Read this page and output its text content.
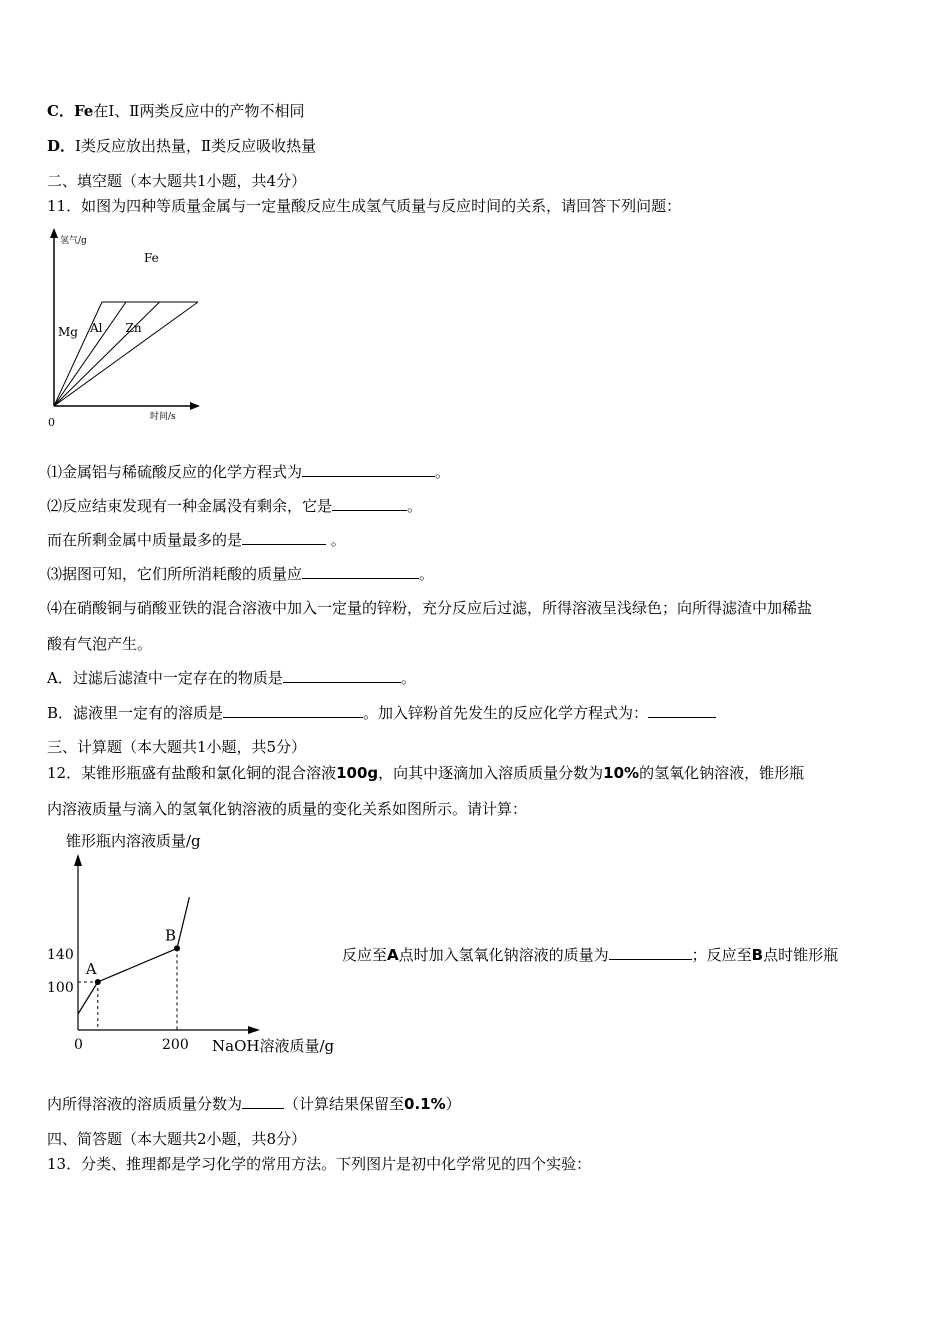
C．Fe在Ⅰ、Ⅱ两类反应中的产物不相同
D．Ⅰ类反应放出热量，Ⅱ类反应吸收热量
二、填空题（本大题共1小题，共4分）
11．如图为四种等质量金属与一定量酸反应生成氢气质量与反应时间的关系，请回答下列问题：
氢气/g
时间/s
0
Mg Al Zn
Fe
⑴金属铝与稀硫酸反应的化学方程式为	。
⑵反应结束发现有一种金属没有剩余，它是	。
而在所剩金属中质量最多的是	。
⑶据图可知，它们所所消耗酸的质量应	。
⑷在硝酸铜与硝酸亚铁的混合溶液中加入一定量的锌粉，充分反应后过滤，所得溶液呈浅绿色；向所得滤渣中加稀盐
酸有气泡产生。
A．过滤后滤渣中一定存在的物质是	。
B．滤液里一定有的溶质是	。加入锌粉首先发生的反应化学方程式为：
三、计算题（本大题共1小题，共5分）
12．某锥形瓶盛有盐酸和氯化铜的混合溶液100g，向其中逐滴加入溶质质量分数为10%的氢氧化钠溶液，锥形瓶
内溶液质量与滴入的氢氧化钠溶液的质量的变化关系如图所示。请计算：
锥形瓶内溶液质量/g
NaOH溶液质量/g
0	200
100
140
A
B
反应至A点时加入氢氧化钠溶液的质量为	；反应至B点时锥形瓶
内所得溶液的溶质质量分数为	（计算结果保留至0.1%）
四、简答题（本大题共2小题，共8分）
13．分类、推理都是学习化学的常用方法。下列图片是初中化学常见的四个实验：
